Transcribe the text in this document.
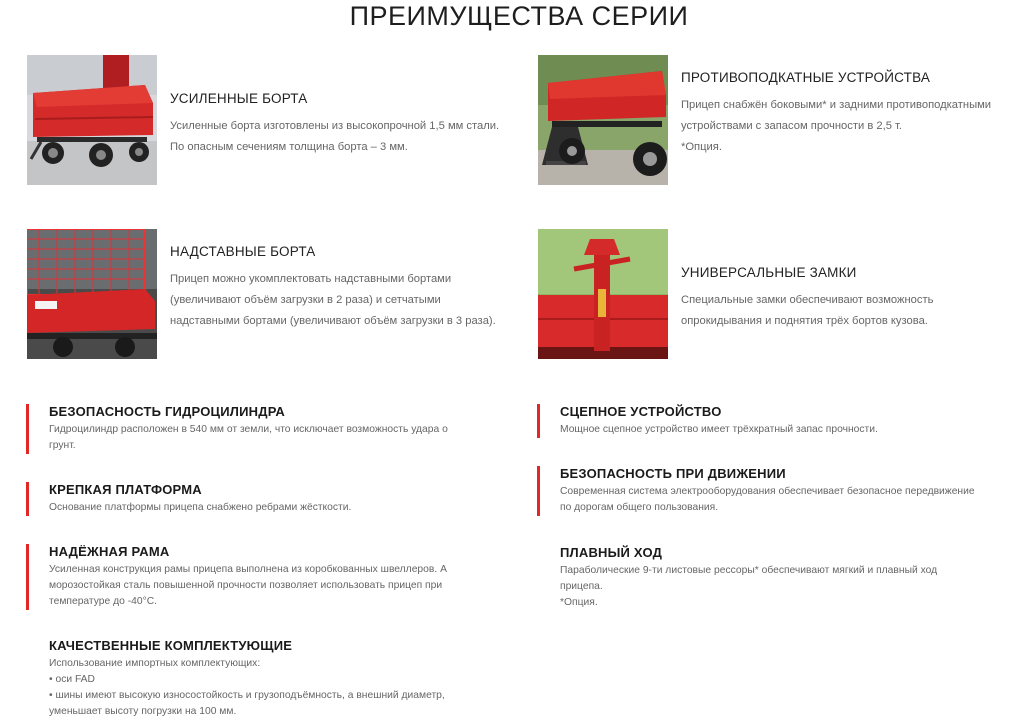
ПРЕИМУЩЕСТВА СЕРИИ
УСИЛЕННЫЕ БОРТА
Усиленные борта изготовлены из высокопрочной 1,5 мм стали. По опасным сечениям толщина борта – 3 мм.
ПРОТИВОПОДКАТНЫЕ УСТРОЙСТВА
Прицеп снабжён боковыми* и задними противоподкатными устройствами с запасом прочности в 2,5 т.
*Опция.
НАДСТАВНЫЕ БОРТА
Прицеп можно укомплектовать надставными бортами (увеличивают объём загрузки в 2 раза) и сетчатыми надставными бортами (увеличивают объём загрузки в 3 раза).
УНИВЕРСАЛЬНЫЕ ЗАМКИ
Специальные замки обеспечивают возможность опрокидывания и поднятия трёх бортов кузова.
БЕЗОПАСНОСТЬ ГИДРОЦИЛИНДРА
Гидроцилиндр расположен в 540 мм от земли, что исключает возможность удара о
грунт.
КРЕПКАЯ ПЛАТФОРМА
Основание платформы прицепа снабжено ребрами жёсткости.
НАДЁЖНАЯ РАМА
Усиленная конструкция рамы прицепа выполнена из коробкованных швеллеров. А
морозостойкая сталь повышенной прочности позволяет использовать прицеп при
температуре до -40°С.
КАЧЕСТВЕННЫЕ КОМПЛЕКТУЮЩИЕ
Использование импортных комплектующих:
• оси FAD
• шины имеют высокую износостойкость и грузоподъёмность, а внешний диаметр,
уменьшает высоту погрузки на 100 мм.
СЦЕПНОЕ УСТРОЙСТВО
Мощное сцепное устройство имеет трёхкратный запас прочности.
БЕЗОПАСНОСТЬ ПРИ ДВИЖЕНИИ
Современная система электрооборудования обеспечивает безопасное передвижение
по дорогам общего пользования.
ПЛАВНЫЙ ХОД
Параболические 9-ти листовые рессоры* обеспечивают мягкий и плавный ход
прицепа.
*Опция.
